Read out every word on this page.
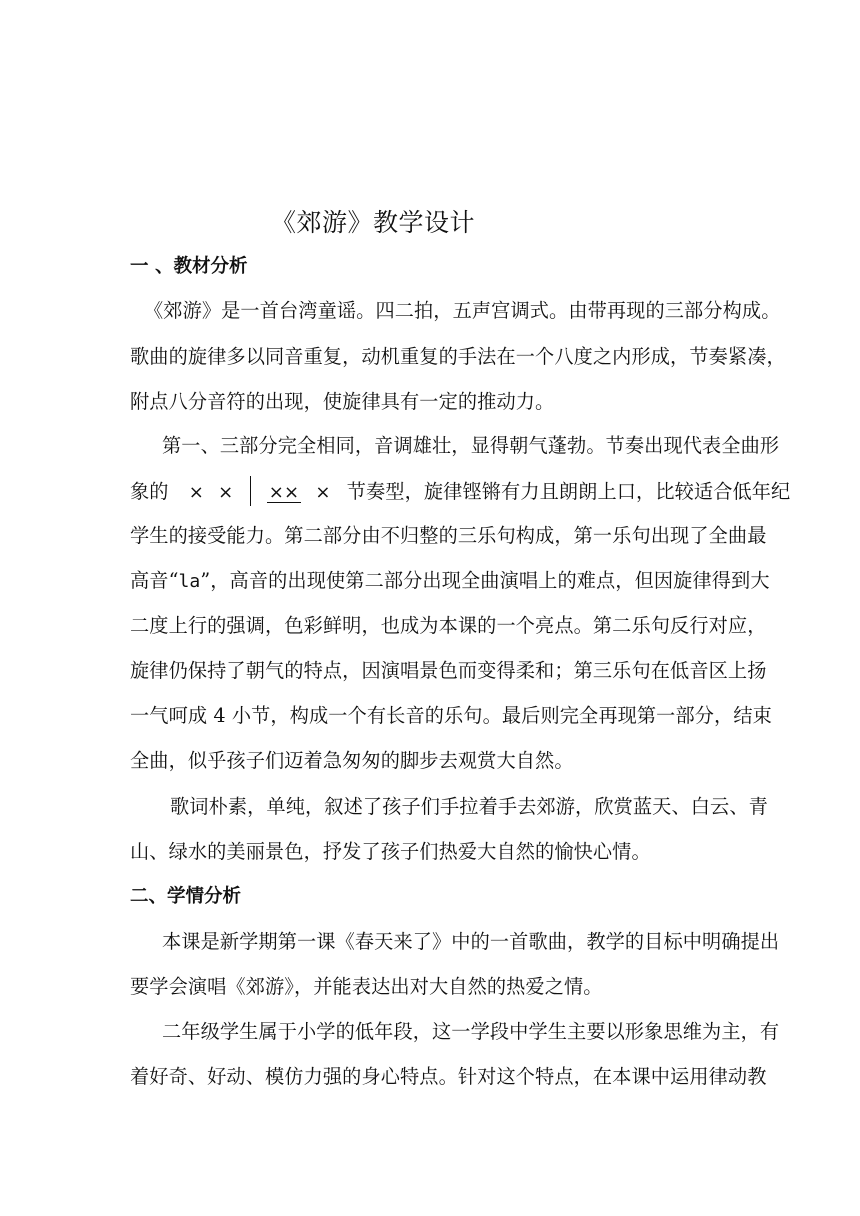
《郊游》教学设计
一 、教材分析
《郊游》是一首台湾童谣。四二拍，五声宫调式。由带再现的三部分构成。
歌曲的旋律多以同音重复，动机重复的手法在一个八度之内形成，节奏紧凑，
附点八分音符的出现，使旋律具有一定的推动力。
第一、三部分完全相同，音调雄壮，显得朝气蓬勃。节奏出现代表全曲形
象的 × × ×× × 节奏型，旋律铿锵有力且朗朗上口，比较适合低年纪
学生的接受能力。第二部分由不归整的三乐句构成，第一乐句出现了全曲最
高音“la”，高音的出现使第二部分出现全曲演唱上的难点，但因旋律得到大
二度上行的强调，色彩鲜明，也成为本课的一个亮点。第二乐句反行对应，
旋律仍保持了朝气的特点，因演唱景色而变得柔和；第三乐句在低音区上扬
一气呵成 4 小节，构成一个有长音的乐句。最后则完全再现第一部分，结束
全曲，似乎孩子们迈着急匆匆的脚步去观赏大自然。
歌词朴素，单纯，叙述了孩子们手拉着手去郊游，欣赏蓝天、白云、青
山、绿水的美丽景色，抒发了孩子们热爱大自然的愉快心情。
二、学情分析
本课是新学期第一课《春天来了》中的一首歌曲，教学的目标中明确提出
要学会演唱《郊游》，并能表达出对大自然的热爱之情。
二年级学生属于小学的低年段，这一学段中学生主要以形象思维为主，有
着好奇、好动、模仿力强的身心特点。针对这个特点，在本课中运用律动教
